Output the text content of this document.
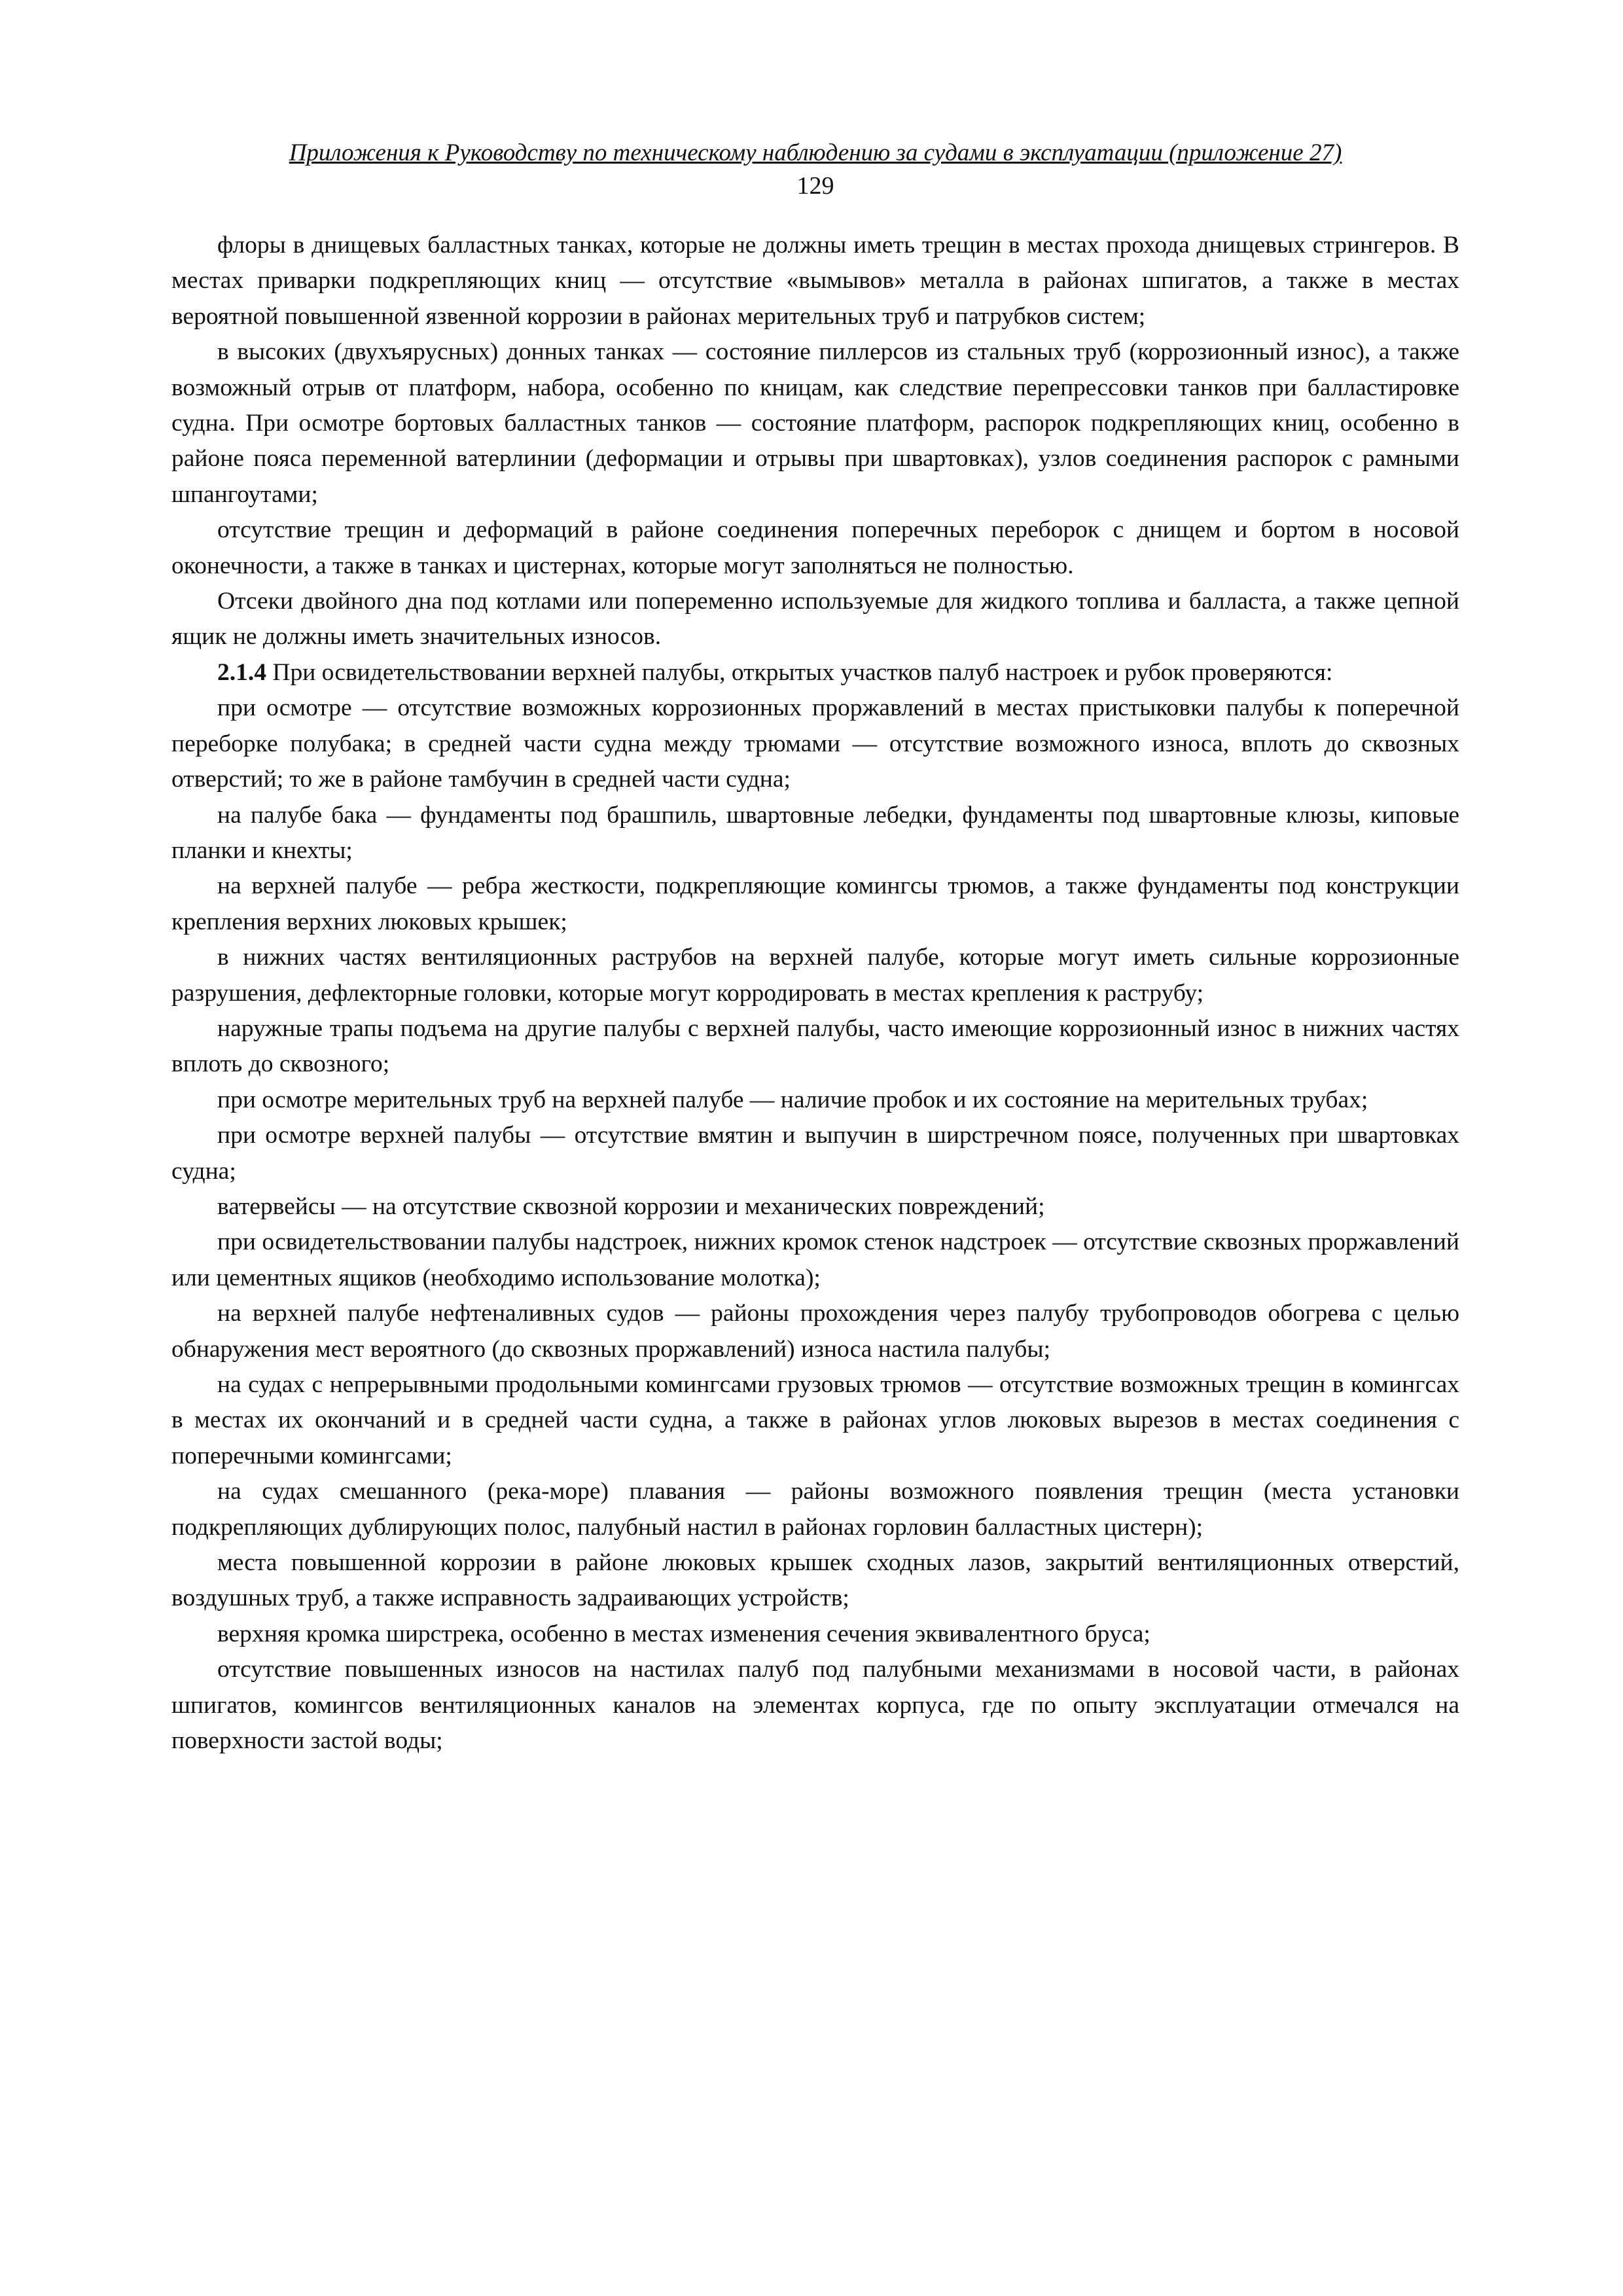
Приложения к Руководству по техническому наблюдению за судами в эксплуатации (приложение 27)

129

флоры в днищевых балластных танках, которые не должны иметь трещин в местах прохода днищевых стрингеров. В местах приварки подкрепляющих книц — отсутствие «вымывов» металла в районах шпигатов, а также в местах вероятной повышенной язвенной коррозии в районах мерительных труб и патрубков систем;

в высоких (двухъярусных) донных танках — состояние пиллерсов из стальных труб (коррозионный износ), а также возможный отрыв от платформ, набора, особенно по кницам, как следствие перепрессовки танков при балластировке судна. При осмотре бортовых балластных танков — состояние платформ, распорок подкрепляющих книц, особенно в районе пояса переменной ватерлинии (деформации и отрывы при швартовках), узлов соединения распорок с рамными шпангоутами;

отсутствие трещин и деформаций в районе соединения поперечных переборок с днищем и бортом в носовой оконечности, а также в танках и цистернах, которые могут заполняться не полностью.

Отсеки двойного дна под котлами или попеременно используемые для жидкого топлива и балласта, а также цепной ящик не должны иметь значительных износов.

2.1.4 При освидетельствовании верхней палубы, открытых участков палуб настроек и рубок проверяются:

при осмотре — отсутствие возможных коррозионных проржавлений в местах пристыковки палубы к поперечной переборке полубака; в средней части судна между трюмами — отсутствие возможного износа, вплоть до сквозных отверстий; то же в районе тамбучин в средней части судна;

на палубе бака — фундаменты под брашпиль, швартовные лебедки, фундаменты под швартовные клюзы, киповые планки и кнехты;

на верхней палубе — ребра жесткости, подкрепляющие комингсы трюмов, а также фундаменты под конструкции крепления верхних люковых крышек;

в нижних частях вентиляционных раструбов на верхней палубе, которые могут иметь сильные коррозионные разрушения, дефлекторные головки, которые могут корродировать в местах крепления к раструбу;

наружные трапы подъема на другие палубы с верхней палубы, часто имеющие коррозионный износ в нижних частях вплоть до сквозного;

при осмотре мерительных труб на верхней палубе — наличие пробок и их состояние на мерительных трубах;

при осмотре верхней палубы — отсутствие вмятин и выпучин в ширстречном поясе, полученных при швартовках судна;

ватервейсы — на отсутствие сквозной коррозии и механических повреждений;

при освидетельствовании палубы надстроек, нижних кромок стенок надстроек — отсутствие сквозных проржавлений или цементных ящиков (необходимо использование молотка);

на верхней палубе нефтеналивных судов — районы прохождения через палубу трубопроводов обогрева с целью обнаружения мест вероятного (до сквозных проржавлений) износа настила палубы;

на судах с непрерывными продольными комингсами грузовых трюмов — отсутствие возможных трещин в комингсах в местах их окончаний и в средней части судна, а также в районах углов люковых вырезов в местах соединения с поперечными комингсами;

на судах смешанного (река-море) плавания — районы возможного появления трещин (места установки подкрепляющих дублирующих полос, палубный настил в районах горловин балластных цистерн);

места повышенной коррозии в районе люковых крышек сходных лазов, закрытий вентиляционных отверстий, воздушных труб, а также исправность задраивающих устройств;

верхняя кромка ширстрека, особенно в местах изменения сечения эквивалентного бруса;

отсутствие повышенных износов на настилах палуб под палубными механизмами в носовой части, в районах шпигатов, комингсов вентиляционных каналов на элементах корпуса, где по опыту эксплуатации отмечался на поверхности застой воды;
